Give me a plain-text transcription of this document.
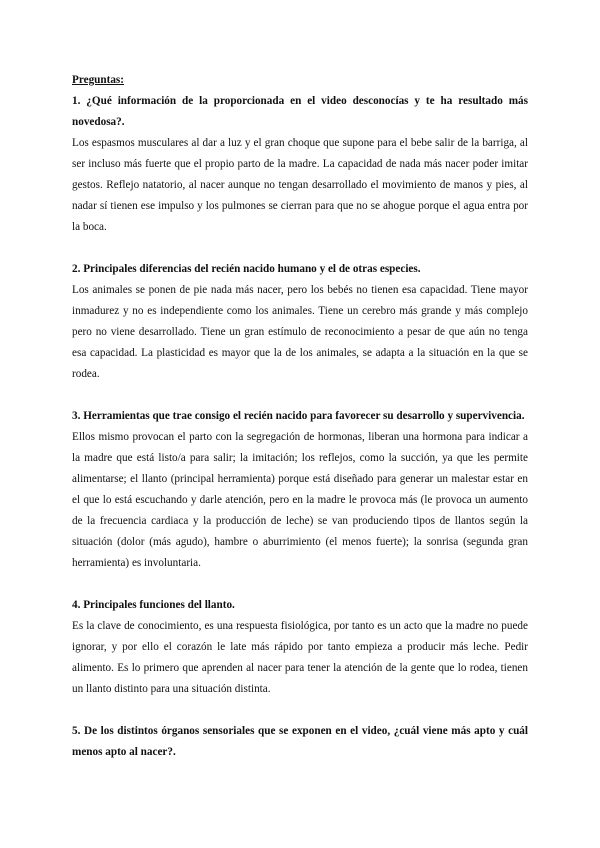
Preguntas:

1. ¿Qué información de la proporcionada en el video desconocías y te ha resultado más novedosa?.

Los espasmos musculares al dar a luz y el gran choque que supone para el bebe salir de la barriga, al ser incluso más fuerte que el propio parto de la madre. La capacidad de nada más nacer poder imitar gestos. Reflejo natatorio, al nacer aunque no tengan desarrollado el movimiento de manos y pies, al nadar sí tienen ese impulso y los pulmones se cierran para que no se ahogue porque el agua entra por la boca.

2. Principales diferencias del recién nacido humano y el de otras especies.

Los animales se ponen de pie nada más nacer, pero los bebés no tienen esa capacidad. Tiene mayor inmadurez y no es independiente como los animales. Tiene un cerebro más grande y más complejo pero no viene desarrollado. Tiene un gran estímulo de reconocimiento a pesar de que aún no tenga esa capacidad. La plasticidad es mayor que la de los animales, se adapta a la situación en la que se rodea.

3. Herramientas que trae consigo el recién nacido para favorecer su desarrollo y supervivencia.

Ellos mismo provocan el parto con la segregación de hormonas, liberan una hormona para indicar a la madre que está listo/a para salir; la imitación; los reflejos, como la succión, ya que les permite alimentarse; el llanto (principal herramienta) porque está diseñado para generar un malestar estar en el que lo está escuchando y darle atención, pero en la madre le provoca más (le provoca un aumento de la frecuencia cardiaca y la producción de leche) se van produciendo tipos de llantos según la situación (dolor (más agudo), hambre o aburrimiento (el menos fuerte); la sonrisa (segunda gran herramienta) es involuntaria.

4. Principales funciones del llanto.

Es la clave de conocimiento, es una respuesta fisiológica, por tanto es un acto que la madre no puede ignorar, y por ello el corazón le late más rápido por tanto empieza a producir más leche. Pedir alimento. Es lo primero que aprenden al nacer para tener la atención de la gente que lo rodea, tienen un llanto distinto para una situación distinta.

5. De los distintos órganos sensoriales que se exponen en el video, ¿cuál viene más apto y cuál menos apto al nacer?.
